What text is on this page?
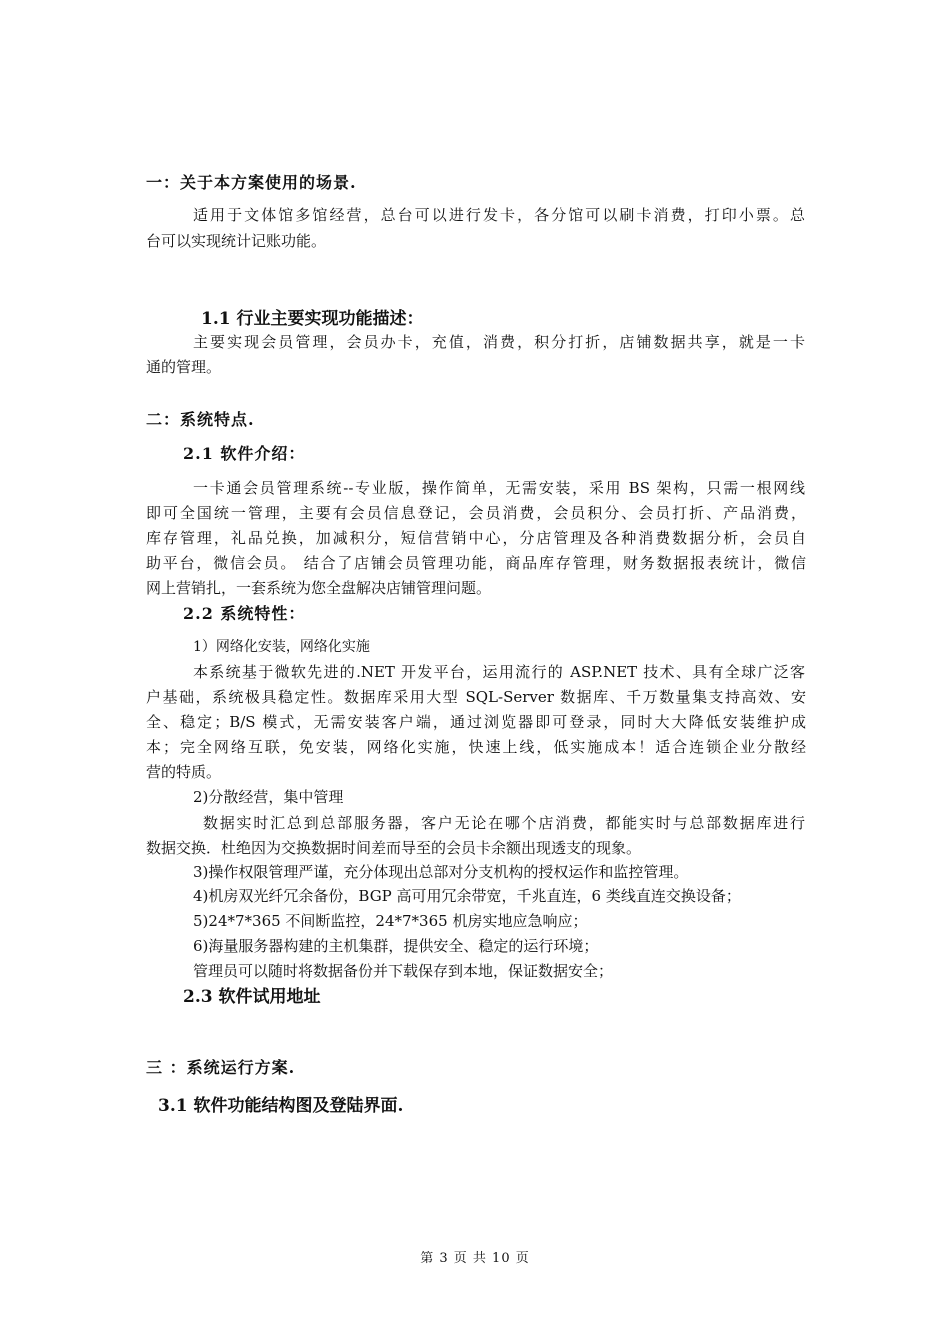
一：关于本方案使用的场景.
适用于文体馆多馆经营，总台可以进行发卡，各分馆可以刷卡消费，打印小票。总
台可以实现统计记账功能。
1.1 行业主要实现功能描述：
主要实现会员管理，会员办卡，充值，消费，积分打折，店铺数据共享，就是一卡
通的管理。
二：系统特点.
2.1 软件介绍：
一卡通会员管理系统--专业版，操作简单，无需安装，采用 BS 架构，只需一根网线
即可全国统一管理，主要有会员信息登记，会员消费，会员积分、会员打折、产品消费，
库存管理，礼品兑换，加减积分，短信营销中心，分店管理及各种消费数据分析，会员自
助平台，微信会员。 结合了店铺会员管理功能，商品库存管理，财务数据报表统计，微信
网上营销扎，一套系统为您全盘解决店铺管理问题。
2.2 系统特性：
1）网络化安装，网络化实施
本系统基于微软先进的.NET 开发平台，运用流行的 ASP.NET 技术、具有全球广泛客
户基础，系统极具稳定性。数据库采用大型 SQL-Server 数据库、千万数量集支持高效、安
全、稳定；B/S 模式，无需安装客户端，通过浏览器即可登录，同时大大降低安装维护成
本；完全网络互联，免安装，网络化实施，快速上线，低实施成本！适合连锁企业分散经
营的特质。
2)分散经营，集中管理
数据实时汇总到总部服务器，客户无论在哪个店消费，都能实时与总部数据库进行
数据交换．杜绝因为交换数据时间差而导至的会员卡余额出现透支的现象。
3)操作权限管理严谨，充分体现出总部对分支机构的授权运作和监控管理。
4)机房双光纤冗余备份，BGP 高可用冗余带宽，千兆直连，6 类线直连交换设备；
5)24*7*365 不间断监控，24*7*365 机房实地应急响应；
6)海量服务器构建的主机集群，提供安全、稳定的运行环境；
管理员可以随时将数据备份并下载保存到本地，保证数据安全；
2.3 软件试用地址
三 ：系统运行方案.
3.1 软件功能结构图及登陆界面.
第 3 页 共 10 页
